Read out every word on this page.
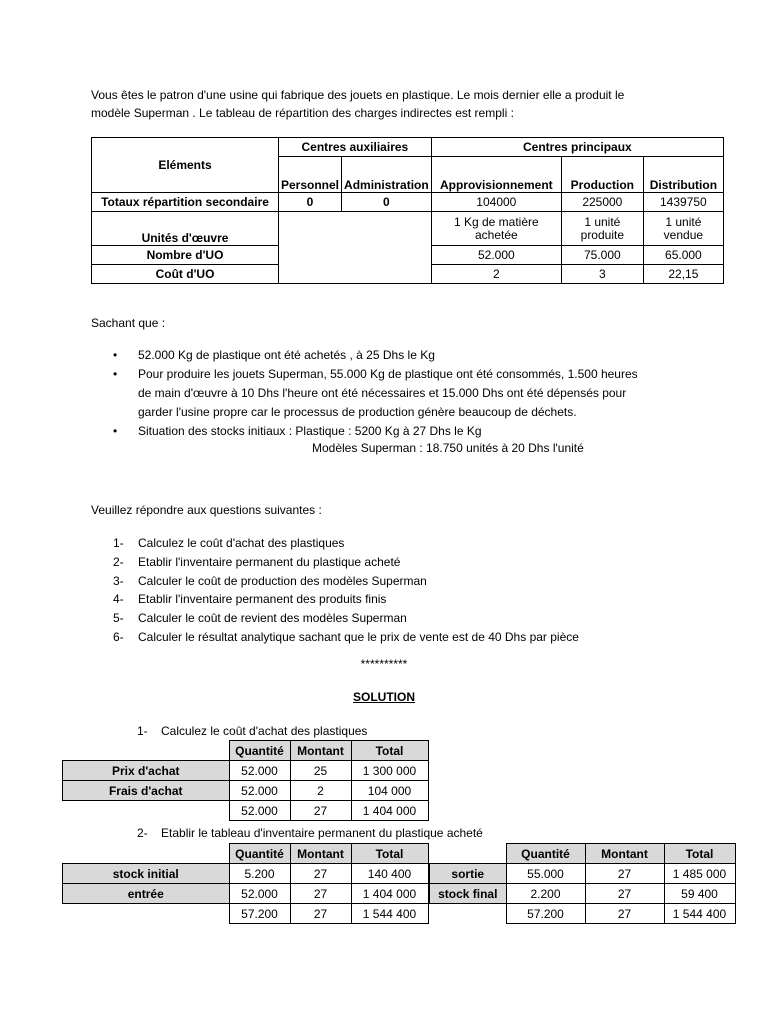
Vous êtes le patron d'une usine qui fabrique des jouets en plastique. Le mois dernier elle a produit le

modèle Superman . Le tableau de répartition des charges indirectes est rempli :

Eléments	Centres auxiliaires		Centres principaux		
	Personnel	Administration	Approvisionnement	Production	Distribution
Totaux répartition secondaire	0	0	104000	225000	1439750
Unités d'œuvre			1 Kg de matière achetée	1 unité produite	1 unité vendue
Nombre d'UO			52.000	75.000	65.000
Coût d'UO			2	3	22,15

Sachant que :

• 52.000 Kg de plastique ont été achetés , à 25 Dhs le Kg
• Pour produire les jouets Superman, 55.000 Kg de plastique ont été consommés, 1.500 heures
de main d'œuvre à 10 Dhs l'heure ont été nécessaires et 15.000 Dhs ont été dépensés pour
garder l'usine propre car le processus de production génère beaucoup de déchets.
• Situation des stocks initiaux : Plastique : 5200 Kg à 27 Dhs le Kg

Modèles Superman : 18.750 unités à 20 Dhs l'unité

Veuillez répondre aux questions suivantes :

1- Calculez le coût d'achat des plastiques
2- Etablir l'inventaire permanent du plastique acheté
3- Calculer le coût de production des modèles Superman
4- Etablir l'inventaire permanent des produits finis
5- Calculer le coût de revient des modèles Superman
6- Calculer le résultat analytique sachant que le prix de vente est de 40 Dhs par pièce

**********

SOLUTION

1-    Calculez le coût d'achat des plastiques

	Quantité	Montant	Total
Prix d'achat	52.000	25	1 300 000
Frais d'achat	52.000	2	104 000
	52.000	27	1 404 000

2-    Etablir le tableau d'inventaire permanent du plastique acheté

	Quantité	Montant	Total
stock initial	5.200	27	140 400
entrée	52.000	27	1 404 000
	57.200	27	1 544 400
	Quantité	Montant	Total
sortie	55.000	27	1 485 000
stock final	2.200	27	59 400
	57.200	27	1 544 400
